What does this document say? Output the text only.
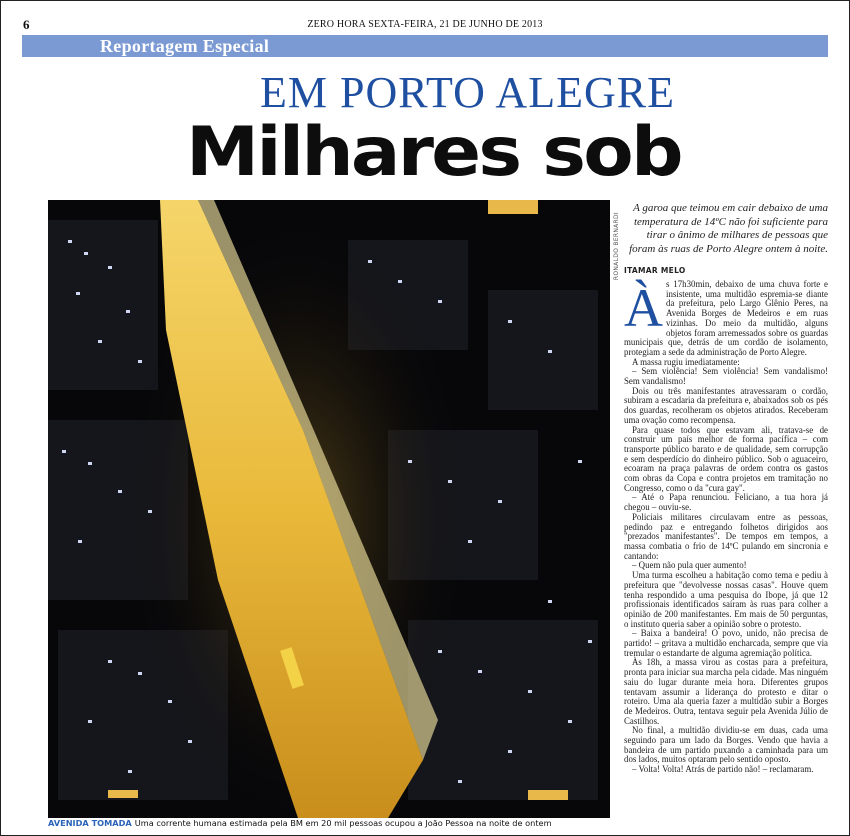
6	ZERO HORA SEXTA-FEIRA, 21 DE JUNHO DE 2013
Reportagem Especial
EM PORTO ALEGRE
Milhares sob
RONALDO BERNARDI
AVENIDA TOMADA Uma corrente humana estimada pela BM em 20 mil pessoas ocupou a João Pessoa na noite de ontem
A garoa que teimou em cair debaixo de uma temperatura de 14ºC não foi suficiente para tirar o ânimo de milhares de pessoas que foram às ruas de Porto Alegre ontem à noite.
ITAMAR MELO

Às 17h30min, debaixo de uma chuva forte e insistente, uma multidão espremia-se diante da prefeitura, pelo Largo Glênio Peres, na Avenida Borges de Medeiros e em ruas vizinhas. Do meio da multidão, alguns objetos foram arremessados sobre os guardas municipais que, detrás de um cordão de isolamento, protegiam a sede da administração de Porto Alegre.

A massa rugiu imediatamente:

– Sem violência! Sem violência! Sem vandalismo! Sem vandalismo!

Dois ou três manifestantes atravessaram o cordão, subiram a escadaria da prefeitura e, abaixados sob os pés dos guardas, recolheram os objetos atirados. Receberam uma ovação como recompensa.

Para quase todos que estavam ali, tratava-se de construir um país melhor de forma pacífica – com transporte público barato e de qualidade, sem corrupção e sem desperdício do dinheiro público. Sob o aguaceiro, ecoaram na praça palavras de ordem contra os gastos com obras da Copa e contra projetos em tramitação no Congresso, como o da "cura gay".

– Até o Papa renunciou. Feliciano, a tua hora já chegou – ouviu-se.

Policiais militares circulavam entre as pessoas, pedindo paz e entregando folhetos dirigidos aos "prezados manifestantes". De tempos em tempos, a massa combatia o frio de 14ºC pulando em sincronia e cantando:

– Quem não pula quer aumento!

Uma turma escolheu a habitação como tema e pediu à prefeitura que "devolvesse nossas casas". Houve quem tenha respondido a uma pesquisa do Ibope, já que 12 profissionais identificados saíram às ruas para colher a opinião de 200 manifestantes. Em mais de 50 perguntas, o instituto queria saber a opinião sobre o protesto.

– Baixa a bandeira! O povo, unido, não precisa de partido! – gritava a multidão encharcada, sempre que via tremular o estandarte de alguma agremiação política.

Às 18h, a massa virou as costas para a prefeitura, pronta para iniciar sua marcha pela cidade. Mas ninguém saiu do lugar durante meia hora. Diferentes grupos tentavam assumir a liderança do protesto e ditar o roteiro. Uma ala queria fazer a multidão subir a Borges de Medeiros. Outra, tentava seguir pela Avenida Júlio de Castilhos.

No final, a multidão dividiu-se em duas, cada uma seguindo para um lado da Borges. Vendo que havia a bandeira de um partido puxando a caminhada para um dos lados, muitos optaram pelo sentido oposto.

– Volta! Volta! Atrás de partido não! – reclamaram.
